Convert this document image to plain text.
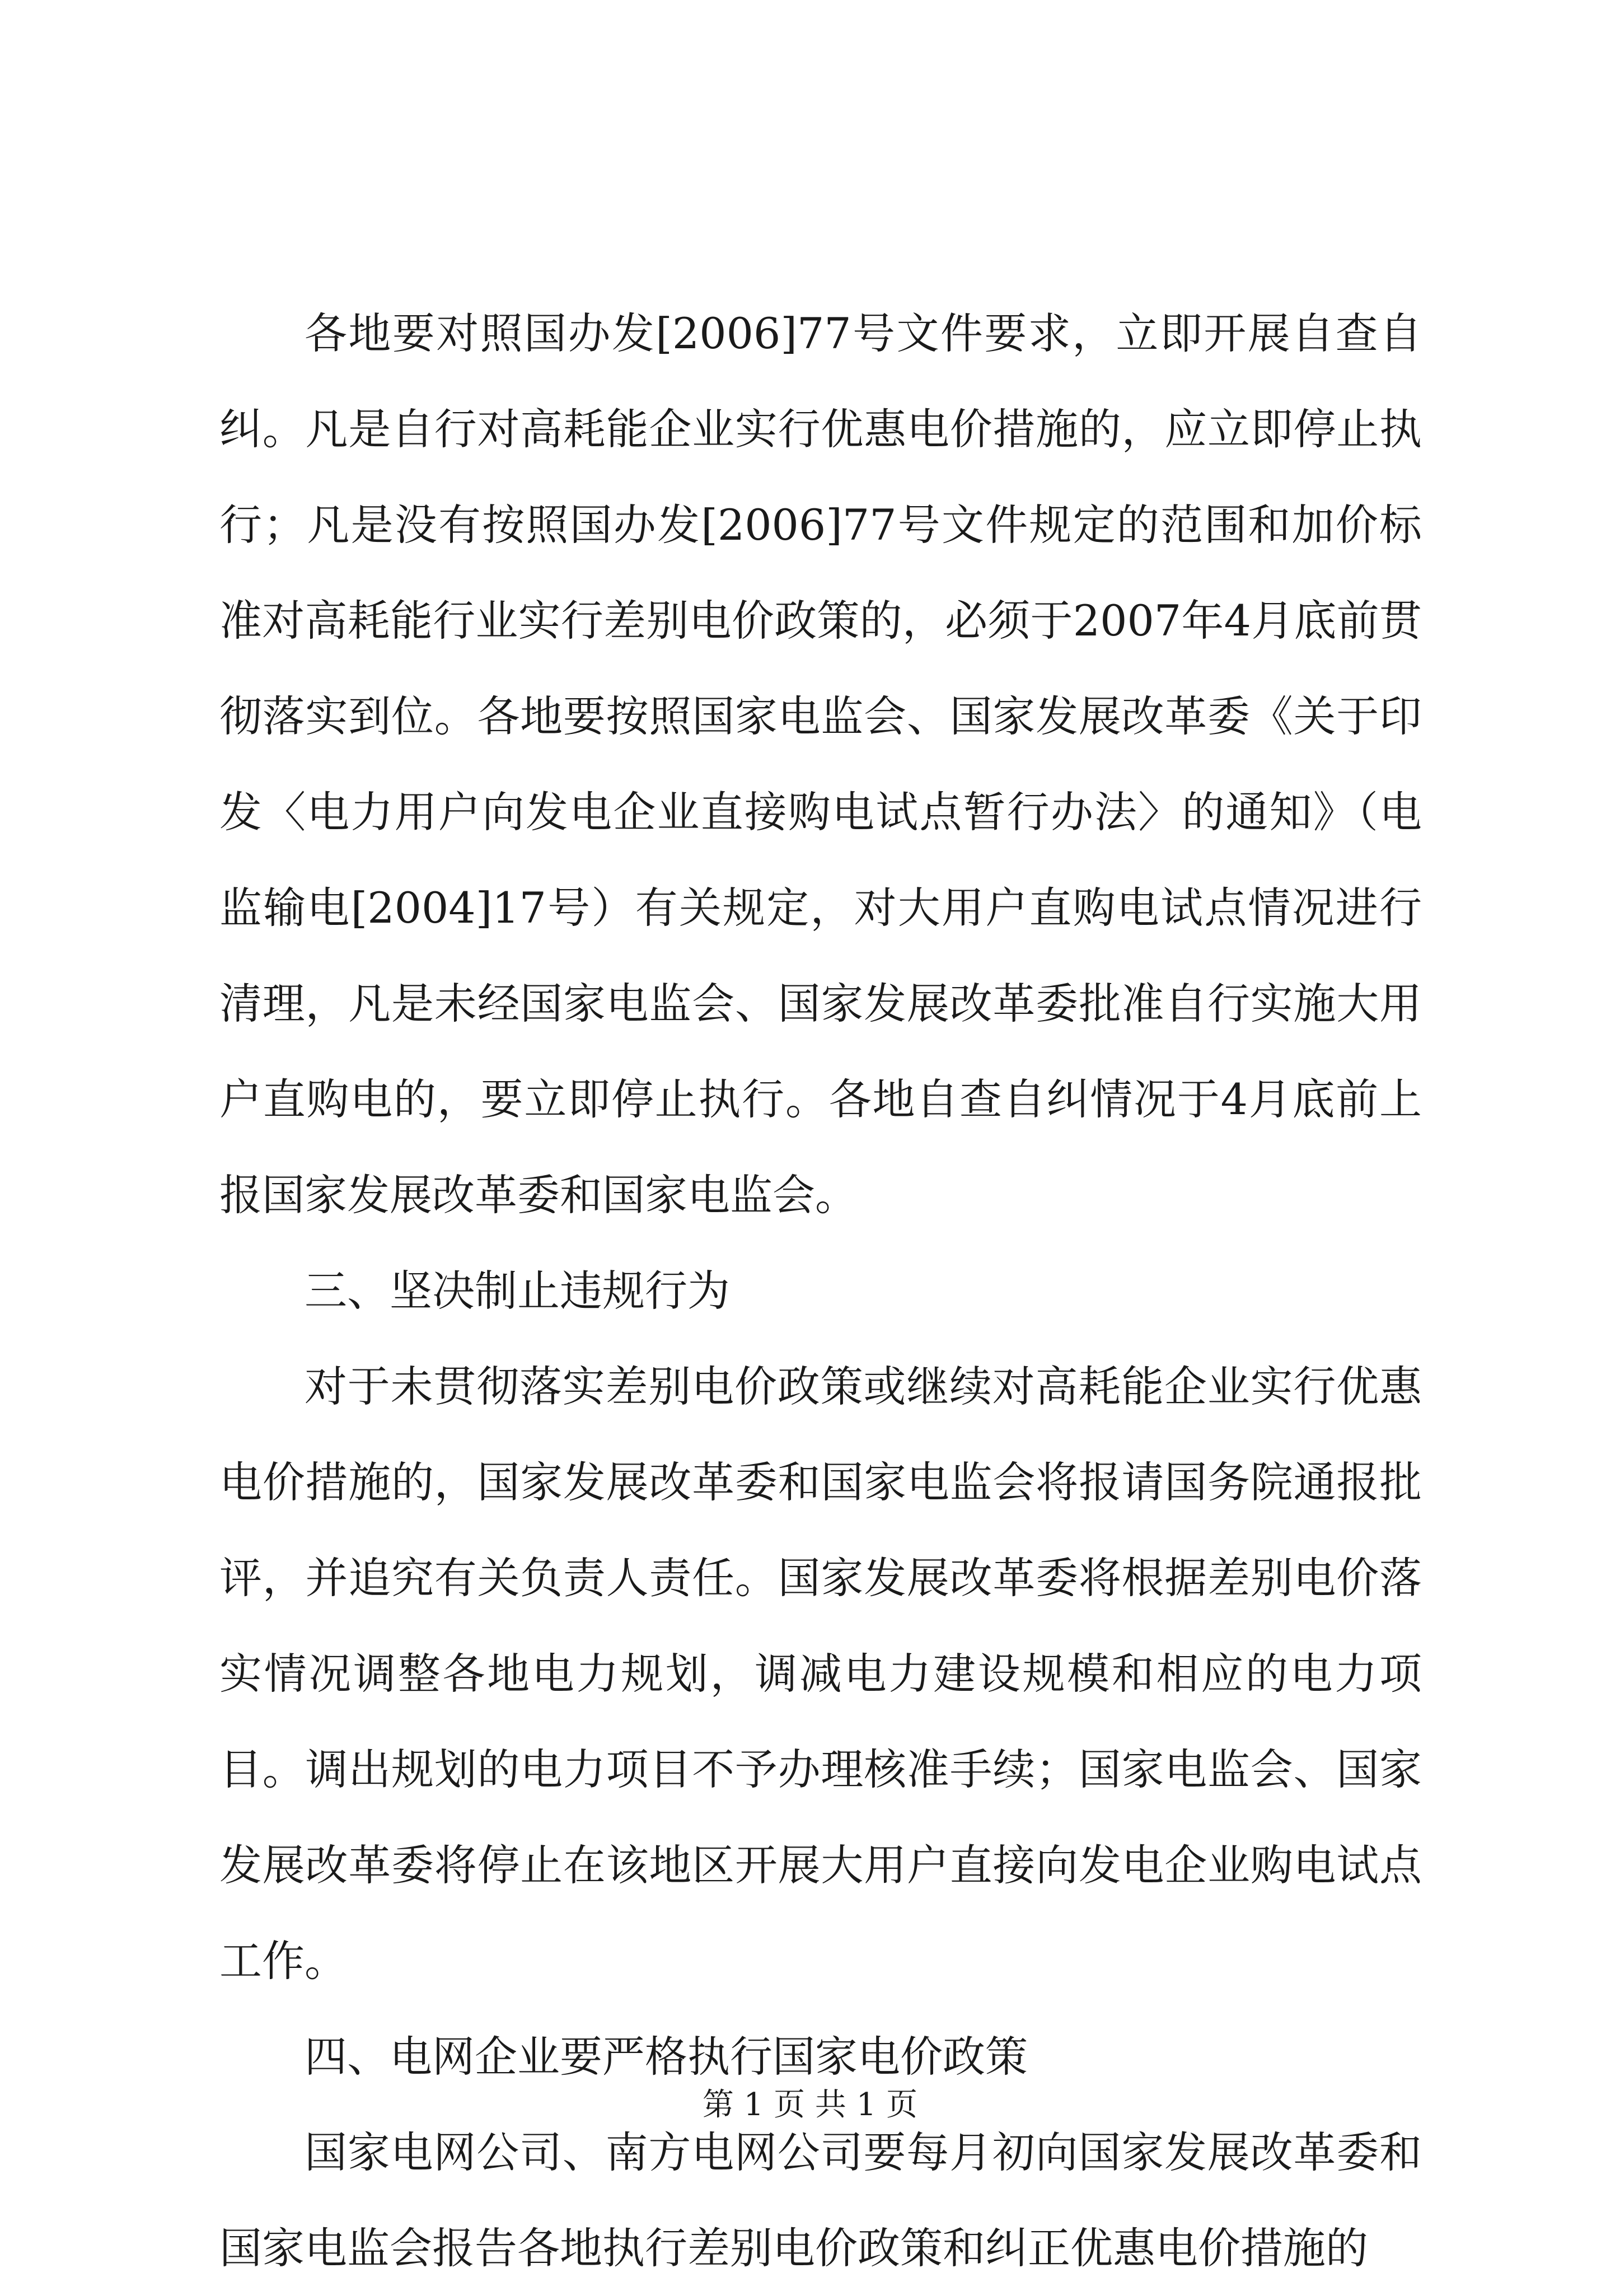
各地要对照国办发[2006]77号文件要求，立即开展自查自纠。凡是自行对高耗能企业实行优惠电价措施的，应立即停止执行；凡是没有按照国办发[2006]77号文件规定的范围和加价标准对高耗能行业实行差别电价政策的，必须于2007年4月底前贯彻落实到位。各地要按照国家电监会、国家发展改革委《关于印发〈电力用户向发电企业直接购电试点暂行办法〉的通知》（电监输电[2004]17号）有关规定，对大用户直购电试点情况进行清理，凡是未经国家电监会、国家发展改革委批准自行实施大用户直购电的，要立即停止执行。各地自查自纠情况于4月底前上报国家发展改革委和国家电监会。

三、坚决制止违规行为

对于未贯彻落实差别电价政策或继续对高耗能企业实行优惠电价措施的，国家发展改革委和国家电监会将报请国务院通报批评，并追究有关负责人责任。国家发展改革委将根据差别电价落实情况调整各地电力规划，调减电力建设规模和相应的电力项目。调出规划的电力项目不予办理核准手续；国家电监会、国家发展改革委将停止在该地区开展大用户直接向发电企业购电试点工作。

四、电网企业要严格执行国家电价政策

国家电网公司、南方电网公司要每月初向国家发展改革委和国家电监会报告各地执行差别电价政策和纠正优惠电价措施的

第 1 页 共 1 页
